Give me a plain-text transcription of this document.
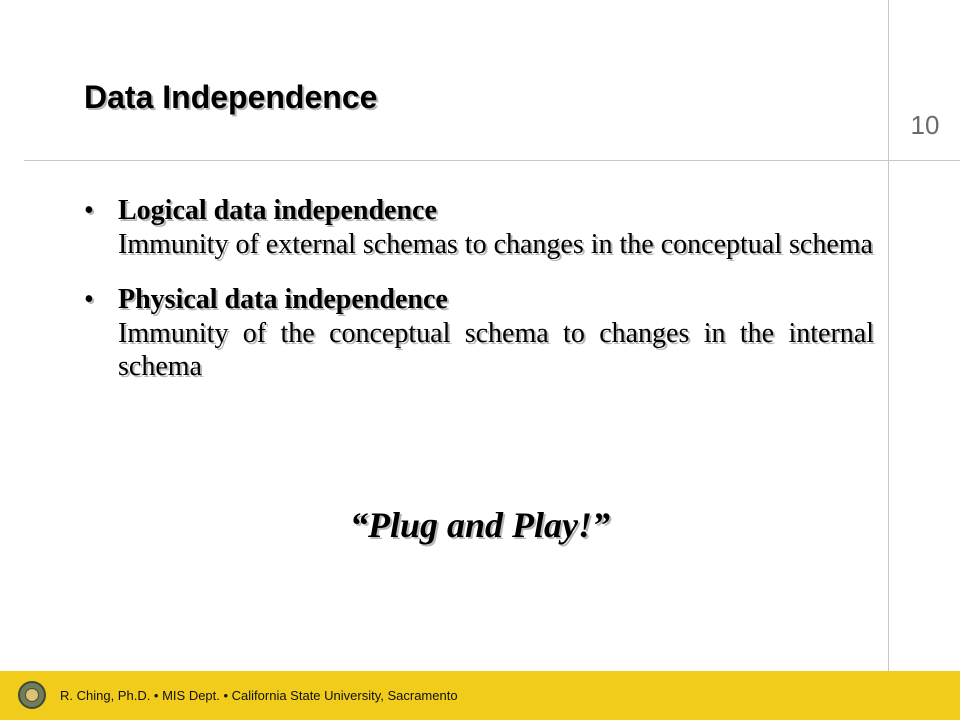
Data Independence
10
• Logical data independence
Immunity of external schemas to changes in the conceptual schema
• Physical data independence
Immunity of the conceptual schema to changes in the internal schema
“Plug and Play!”
R. Ching, Ph.D. • MIS Dept. • California State University, Sacramento
